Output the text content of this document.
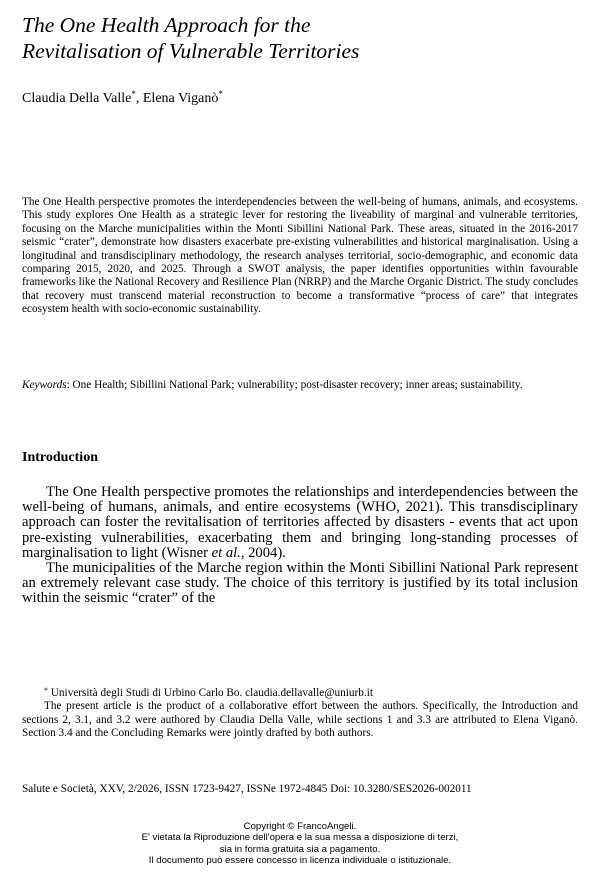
The One Health Approach for the
Revitalisation of Vulnerable Territories
Claudia Della Valle*, Elena Viganò*

The One Health perspective promotes the interdependencies between the well-being of humans, animals, and ecosystems. This study explores One Health as a strategic lever for restoring the liveability of marginal and vulnerable territories, focusing on the Marche municipalities within the Monti Sibillini National Park. These areas, situated in the 2016-2017 seismic “crater”, demonstrate how disasters exacerbate pre-existing vulnerabilities and historical marginalisation. Using a longitudinal and transdisciplinary methodology, the research analyses territorial, socio-demographic, and economic data comparing 2015, 2020, and 2025. Through a SWOT analysis, the paper identifies opportunities within favourable frameworks like the National Recovery and Resilience Plan (NRRP) and the Marche Organic District. The study concludes that recovery must transcend material reconstruction to become a transformative “process of care” that integrates ecosystem health with socio-economic sustainability.

Keywords: One Health; Sibillini National Park; vulnerability; post-disaster recovery; inner areas; sustainability.

Introduction

The One Health perspective promotes the relationships and interdependencies between the well-being of humans, animals, and entire ecosystems (WHO, 2021). This transdisciplinary approach can foster the revitalisation of territories affected by disasters - events that act upon pre-existing vulnerabilities, exacerbating them and bringing long-standing processes of marginalisation to light (Wisner et al., 2004).

The municipalities of the Marche region within the Monti Sibillini National Park represent an extremely relevant case study. The choice of this territory is justified by its total inclusion within the seismic “crater” of the

* Università degli Studi di Urbino Carlo Bo. claudia.dellavalle@uniurb.it

The present article is the product of a collaborative effort between the authors. Specifically, the Introduction and sections 2, 3.1, and 3.2 were authored by Claudia Della Valle, while sections 1 and 3.3 are attributed to Elena Viganò. Section 3.4 and the Concluding Remarks were jointly drafted by both authors.

Salute e Società, XXV, 2/2026, ISSN 1723-9427, ISSNe 1972-4845 Doi: 10.3280/SES2026-002011
Copyright © FrancoAngeli.
E' vietata la Riproduzione dell'opera e la sua messa a disposizione di terzi,
sia in forma gratuita sia a pagamento.
Il documento può essere concesso in licenza individuale o istituzionale.
